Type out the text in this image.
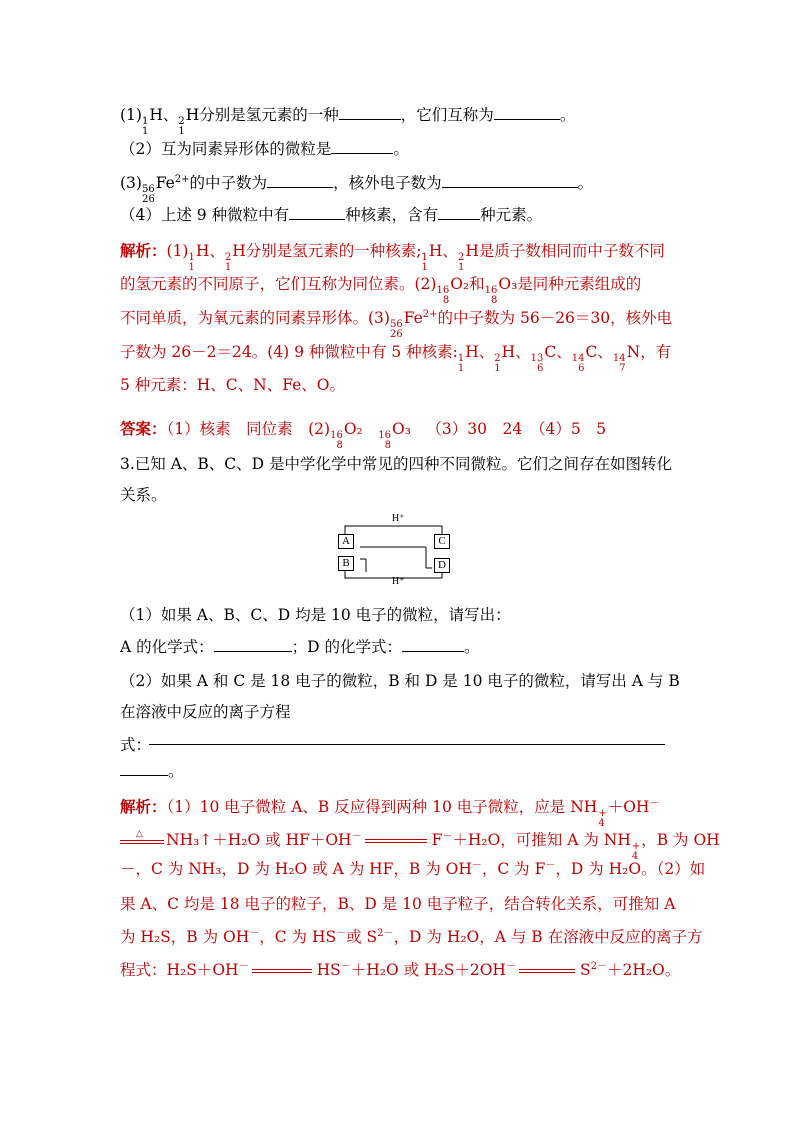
(1) 1
1
H、 2
1
H分别是氢元素的一种	，它们互称为	。
（2）互为同素异形体的微粒是	。
(3) 56
26
$Fe^{2+}$的中子数为	，核外电子数为	。
（4）上述 9 种微粒中有	种核素，含有	种元素。
解析：(1) 1
1
H、 2
1
H分别是氢元素的一种核素; 1
1
H、 2
1
H是质子数相同而中子数不同
的氢元素的不同原子，它们互称为同位素。(2) 16
8
O₂和 16
8
O₃是同种元素组成的
不同单质，为氧元素的同素异形体。(3) 56
26
$Fe^{2+}$的中子数为 56－26＝30，核外电
子数为 26－2＝24。(4) 9 种微粒中有 5 种核素: 1
1
H、 2
1
H、 13
6
C、 14
6
C、 14
7
N，有
5 种元素：H、C、N、Fe、O。
答案：（1）核素　同位素　(2) 16
8
O₂  16
8
O₃  （3）30　24　（4）5　5
3.已知 A、B、C、D 是中学化学中常见的四种不同微粒。它们之间存在如图转化
关系。
H⁺
H⁺
A
B
C
D
（1）如果 A、B、C、D 均是 10 电子的微粒，请写出：
A 的化学式：	；D 的化学式：	。
（2）如果 A 和 C 是 18 电子的微粒，B 和 D 是 10 电子的微粒，请写出 A 与 B
在溶液中反应的离子方程
式：
。
解析：（1）10 电子微粒 A、B 反应得到两种 10 电子微粒，应是 NH +
4
＋OH－
△ NH₃↑＋H₂O 或 HF＋OH－	F－＋H₂O，可推知 A 为 NH +
4
，B 为 OH
－，C 为 NH₃，D 为 H₂O 或 A 为 HF，B 为 OH－，C 为 F－，D 为 H₂O。（2）如
果 A、C 均是 18 电子的粒子，B、D 是 10 电子粒子，结合转化关系，可推知 A
为 H₂S，B 为 OH－，C 为 HS－或 $S^{2-}$，D 为 H₂O，A 与 B 在溶液中反应的离子方
程式：H₂S＋OH－	HS－＋H₂O 或 H₂S＋2OH－	$S^{2-}+2H_2O$。
